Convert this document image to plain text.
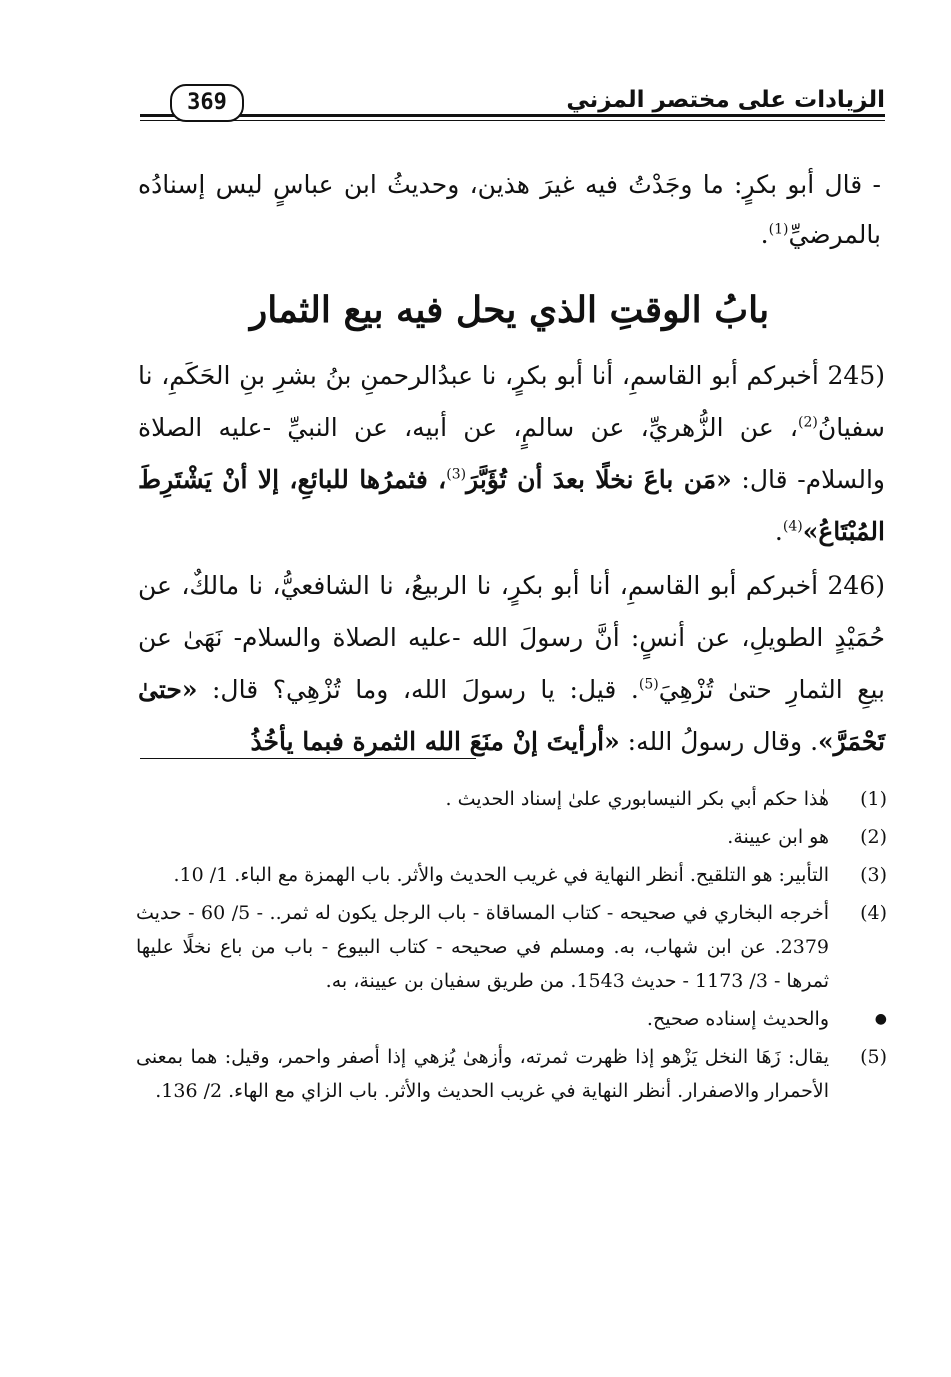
الزيادات على مختصر المزني
369
- قال أبو بكرٍ: ما وجَدْتُ فيه غيرَ هذين، وحديثُ ابن عباسٍ ليس إسنادُه بالمرضيِّ$^{(1)}$.
بابُ الوقتِ الذي يحل فيه بيع الثمار
245) أخبركم أبو القاسمِ، أنا أبو بكرٍ، نا عبدُالرحمنِ بنُ بشرِ بنِ الحَكَمِ، نا سفيانُ$^{(2)}$، عن الزُّهريِّ، عن سالمٍ، عن أبيه، عن النبيِّ -عليه الصلاة والسلام- قال: «مَن باعَ نخلًا بعدَ أن تُؤَبَّرَ$^{(3)}$، فثمرُها للبائعِ، إلا أنْ يَشْتَرِطَ المُبْتَاعُ»$^{(4)}$.
246) أخبركم أبو القاسمِ، أنا أبو بكرٍ، نا الربيعُ، نا الشافعيُّ، نا مالكٌ، عن حُمَيْدٍ الطويلِ، عن أنسٍ: أنَّ رسولَ الله -عليه الصلاة والسلام- نَهَىٰ عن بيعِ الثمارِ حتىٰ تُزْهِيَ$^{(5)}$. قيل: يا رسولَ الله، وما تُزْهِي؟ قال: «حتىٰ تَحْمَرَّ». وقال رسولُ الله: «أرأيتَ إنْ منَعَ الله الثمرة فبما يأخُذُ
(1)
هٰذا حكم أبي بكر النيسابوري علىٰ إسناد الحديث .
(2)
هو ابن عيينة.
(3)
التأبير: هو التلقيح. أنظر النهاية في غريب الحديث والأثر. باب الهمزة مع الباء. 1/ 10.
(4)
أخرجه البخاري في صحيحه - كتاب المساقاة - باب الرجل يكون له ثمر.. - 5/ 60 - حديث 2379. عن ابن شهاب، به. ومسلم في صحيحه - كتاب البيوع - باب من باع نخلًا عليها ثمرها - 3/ 1173 - حديث 1543. من طريق سفيان بن عيينة، به.
●
والحديث إسناده صحيح.
(5)
يقال: زَهَا النخل يَزْهو إذا ظهرت ثمرته، وأزهىٰ يُزهي إذا أصفر واحمر، وقيل: هما بمعنى الأحمرار والاصفرار. أنظر النهاية في غريب الحديث والأثر. باب الزاي مع الهاء. 2/ 136.
